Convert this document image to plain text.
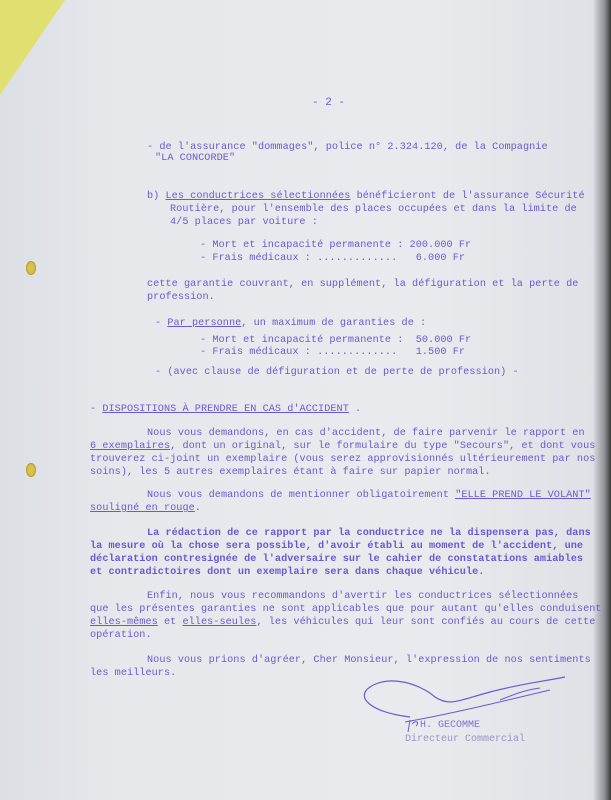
- 2 -
- de l'assurance "dommages", police n° 2.324.120, de la Compagnie
"LA CONCORDE"
b) Les conductrices sélectionnées bénéficieront de l'assurance Sécurité
Routière, pour l'ensemble des places occupées et dans la limite de
4/5 places par voiture :
- Mort et incapacité permanente : 200.000 Fr
- Frais médicaux : .............   6.000 Fr
cette garantie couvrant, en supplément, la défiguration et la perte de
profession.
- Par personne, un maximum de garanties de :
- Mort et incapacité permanente :  50.000 Fr
- Frais médicaux : .............   1.500 Fr
- (avec clause de défiguration et de perte de profession) -
- DISPOSITIONS À PRENDRE EN CAS d'ACCIDENT .
Nous vous demandons, en cas d'accident, de faire parvenir le rapport en
6 exemplaires, dont un original, sur le formulaire du type "Secours", et dont vous
trouverez ci-joint un exemplaire (vous serez approvisionnés ultérieurement par nos
soins), les 5 autres exemplaires étant à faire sur papier normal.
Nous vous demandons de mentionner obligatoirement "ELLE PREND LE VOLANT"
souligné en rouge.
La rédaction de ce rapport par la conductrice ne la dispensera pas, dans
la mesure où la chose sera possible, d'avoir établi au moment de l'accident, une
déclaration contresignée de l'adversaire sur le cahier de constatations amiables
et contradictoires dont un exemplaire sera dans chaque véhicule.
Enfin, nous vous recommandons d'avertir les conductrices sélectionnées
que les présentes garanties ne sont applicables que pour autant qu'elles conduisent
elles-mêmes et elles-seules, les véhicules qui leur sont confiés au cours de cette
opération.
Nous vous prions d'agréer, Cher Monsieur, l'expression de nos sentiments
les meilleurs.
H. GECOMME
Directeur Commercial
